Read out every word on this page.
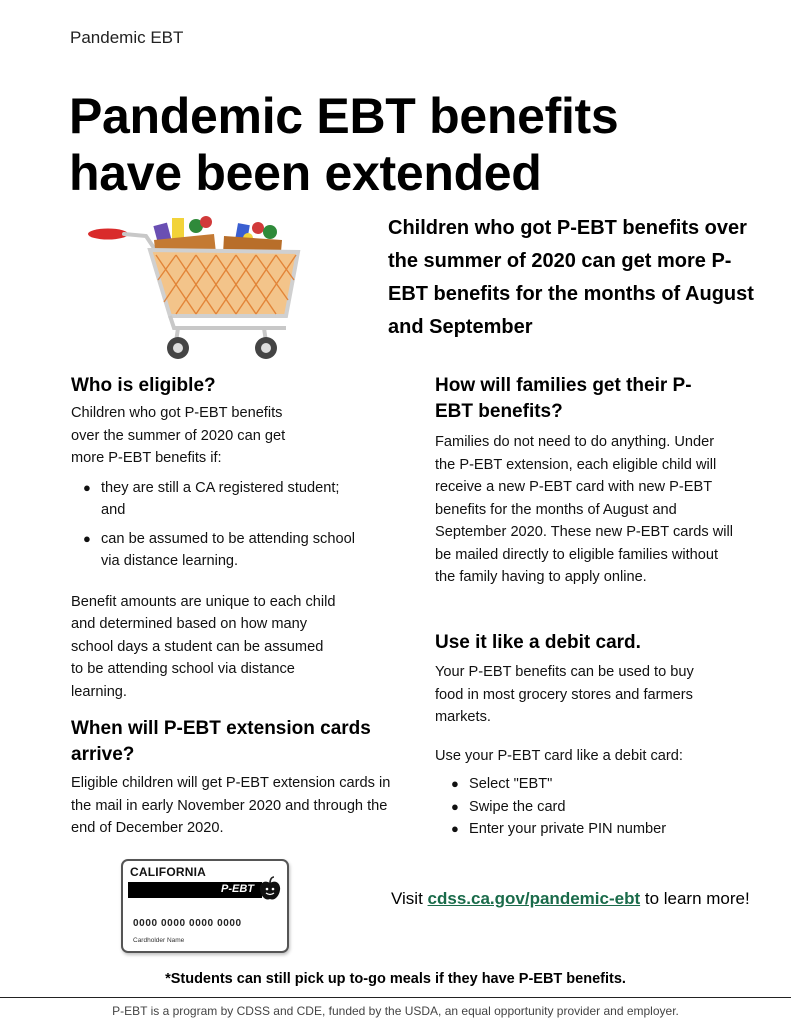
Pandemic EBT
Pandemic EBT benefits
have been extended

Children who got P-EBT benefits over the summer of 2020 can get more P-EBT benefits for the months of August and September

Who is eligible?

Children who got P-EBT benefits over the summer of 2020 can get more P-EBT benefits if:

● they are still a CA registered student; and
● can be assumed to be attending school via distance learning.

Benefit amounts are unique to each child and determined based on how many school days a student can be assumed to be attending school via distance learning.

When will P-EBT extension cards arrive?

Eligible children will get P-EBT extension cards in the mail in early November 2020 and through the end of December 2020.

How will families get their P-EBT benefits?

Families do not need to do anything. Under the P-EBT extension, each eligible child will receive a new P-EBT card with new P-EBT benefits for the months of August and September 2020. These new P-EBT cards will be mailed directly to eligible families without the family having to apply online.

Use it like a debit card.

Your P-EBT benefits can be used to buy food in most grocery stores and farmers markets.

Use your P-EBT card like a debit card:

● Select "EBT"
● Swipe the card
● Enter your private PIN number
CALIFORNIA
P-EBT
0000 0000 0000 0000
Cardholder Name
Visit cdss.ca.gov/pandemic-ebt to learn more!
*Students can still pick up to-go meals if they have P-EBT benefits.
P-EBT is a program by CDSS and CDE, funded by the USDA, an equal opportunity provider and employer.
